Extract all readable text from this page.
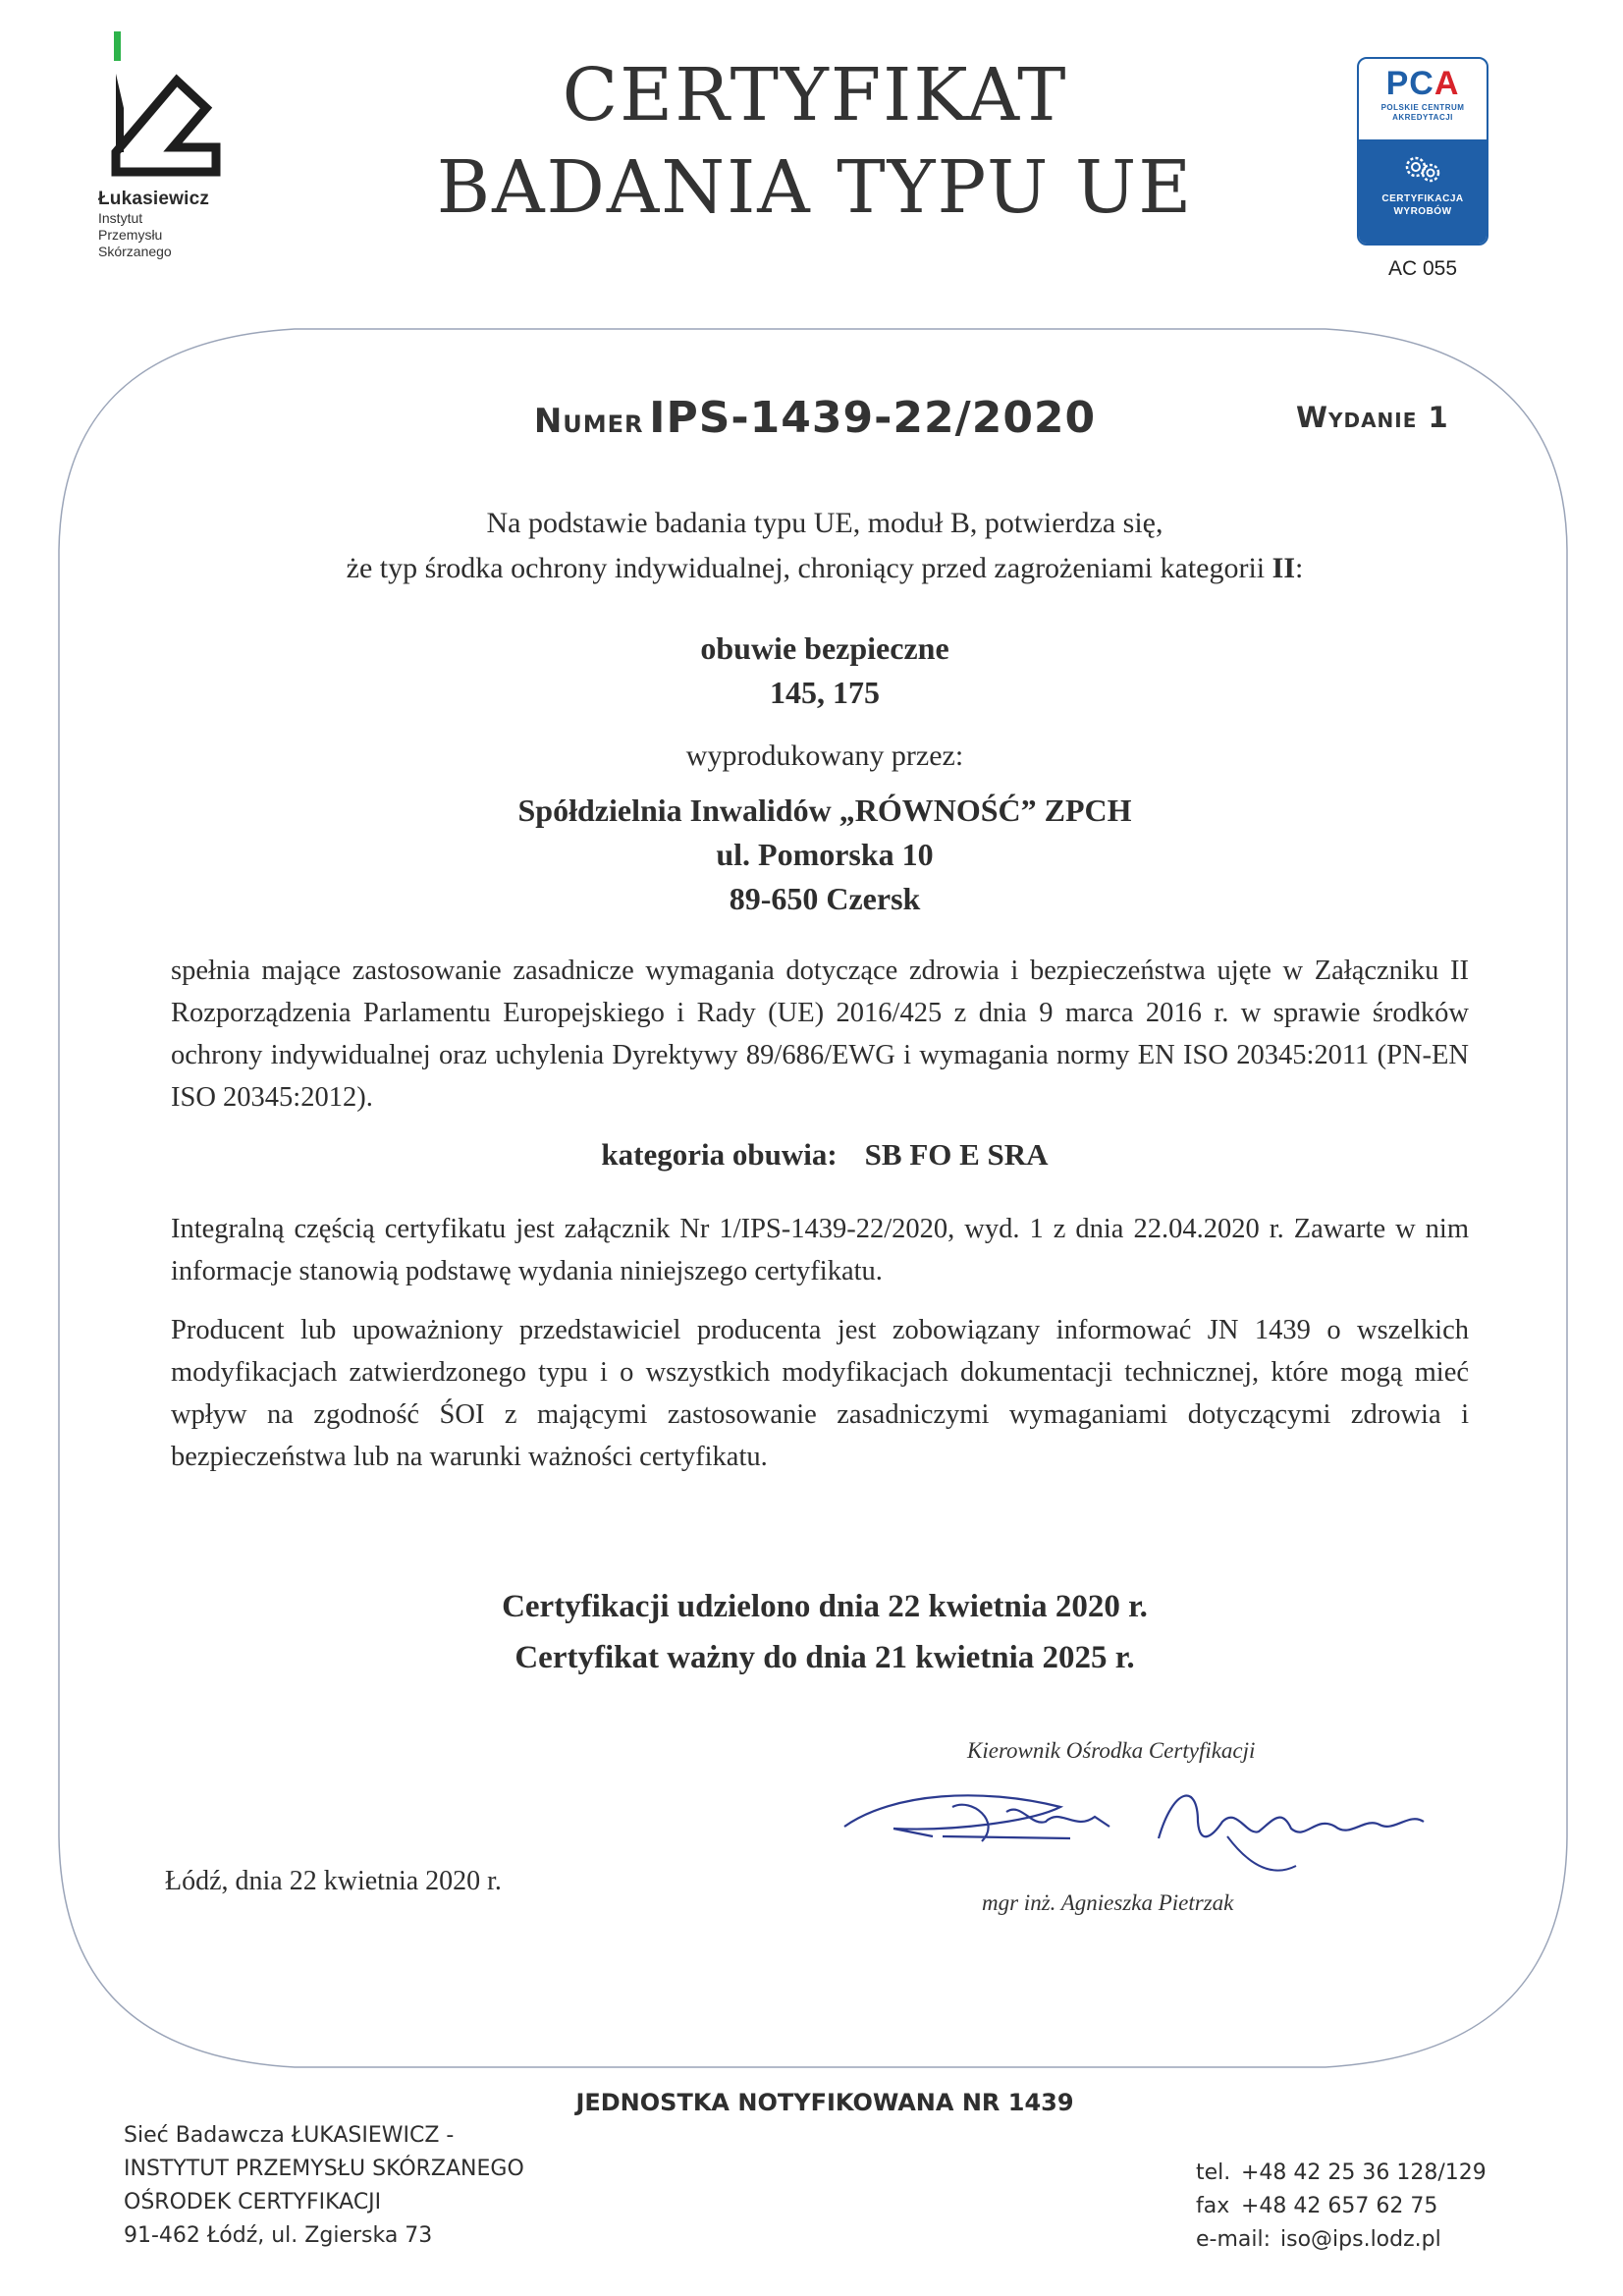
Łukasiewicz
Instytut
Przemysłu
Skórzanego
CERTYFIKAT
BADANIA TYPU UE
PCA
POLSKIE CENTRUM
AKREDYTACJI
CERTYFIKACJA
WYROBÓW
AC 055
Numer IPS-1439-22/2020	Wydanie 1
Na podstawie badania typu UE, moduł B, potwierdza się,
że typ środka ochrony indywidualnej, chroniący przed zagrożeniami kategorii II:
obuwie bezpieczne
145, 175
wyprodukowany przez:
Spółdzielnia Inwalidów „RÓWNOŚĆ” ZPCH
ul. Pomorska 10
89-650 Czersk
spełnia mające zastosowanie zasadnicze wymagania dotyczące zdrowia i bezpieczeństwa ujęte w Załączniku II Rozporządzenia Parlamentu Europejskiego i Rady (UE) 2016/425 z dnia 9 marca 2016 r. w sprawie środków ochrony indywidualnej oraz uchylenia Dyrektywy 89/686/EWG i wymagania normy EN ISO 20345:2011 (PN-EN ISO 20345:2012).
kategoria obuwia: SB FO E SRA
Integralną częścią certyfikatu jest załącznik Nr 1/IPS-1439-22/2020, wyd. 1 z dnia 22.04.2020 r. Zawarte w nim informacje stanowią podstawę wydania niniejszego certyfikatu.
Producent lub upoważniony przedstawiciel producenta jest zobowiązany informować JN 1439 o wszelkich modyfikacjach zatwierdzonego typu i o wszystkich modyfikacjach dokumentacji technicznej, które mogą mieć wpływ na zgodność ŚOI z mającymi zastosowanie zasadniczymi wymaganiami dotyczącymi zdrowia i bezpieczeństwa lub na warunki ważności certyfikatu.
Certyfikacji udzielono dnia 22 kwietnia 2020 r.
Certyfikat ważny do dnia 21 kwietnia 2025 r.
Kierownik Ośrodka Certyfikacji
Łódź, dnia 22 kwietnia 2020 r.
mgr inż. Agnieszka Pietrzak
JEDNOSTKA NOTYFIKOWANA NR 1439
Sieć Badawcza ŁUKASIEWICZ -
INSTYTUT PRZEMYSŁU SKÓRZANEGO
OŚRODEK CERTYFIKACJI
91-462 Łódź, ul. Zgierska 73
tel. +48 42 25 36 128/129
fax +48 42 657 62 75
e-mail: iso@ips.lodz.pl
